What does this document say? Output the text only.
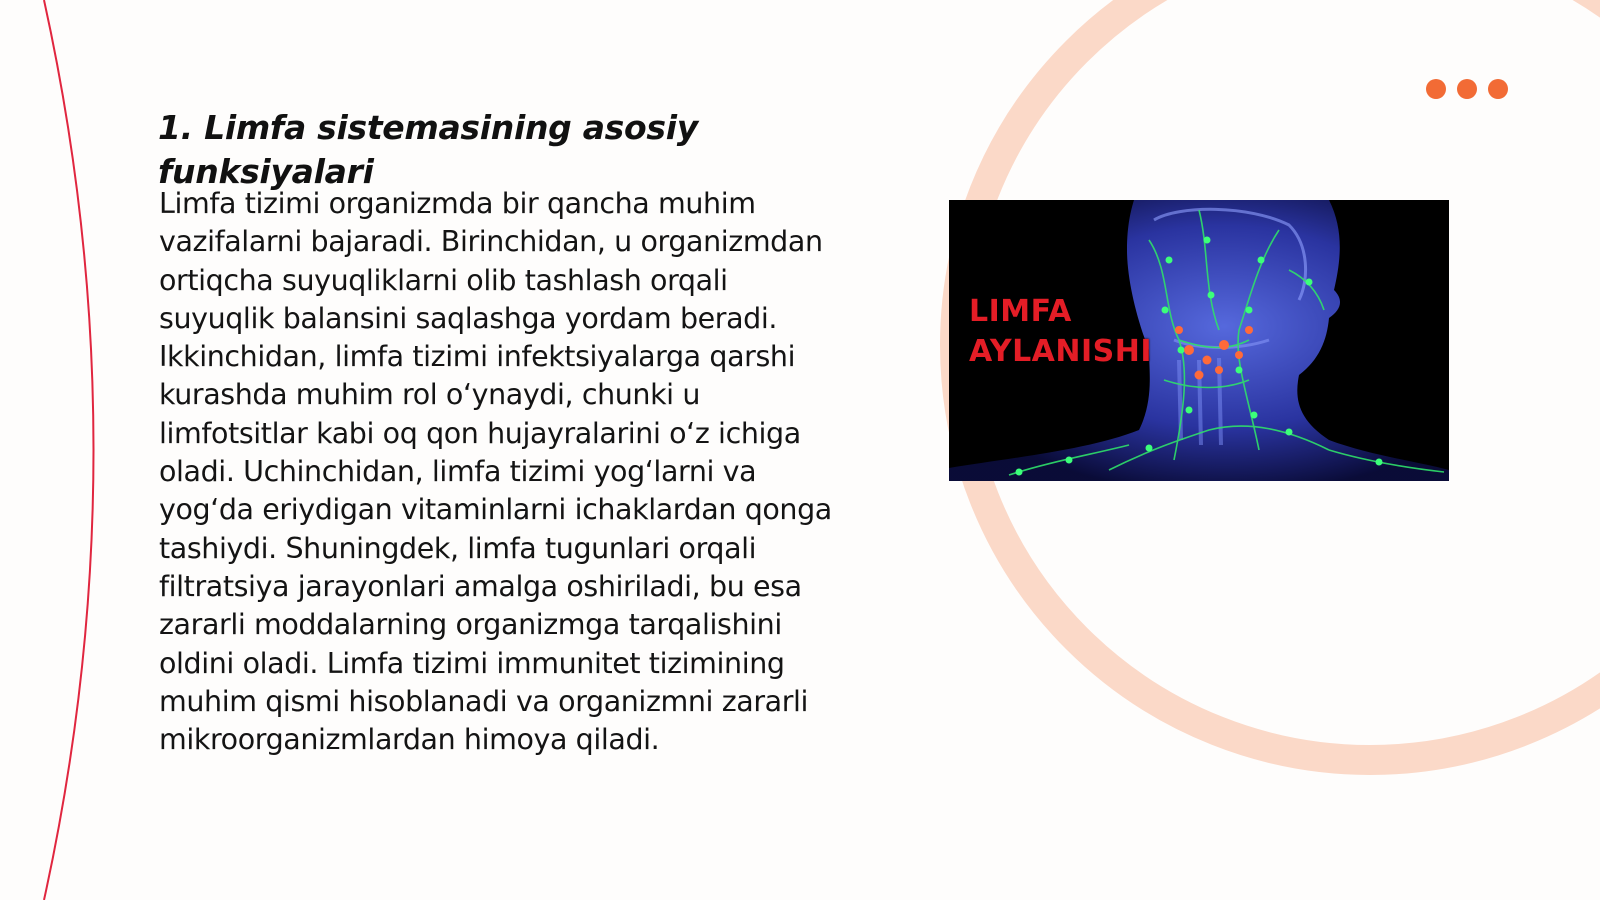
1. Limfa sistemasining asosiy funksiyalari

Limfa tizimi organizmda bir qancha muhim vazifalarni bajaradi. Birinchidan, u organizmdan ortiqcha suyuqliklarni olib tashlash orqali suyuqlik balansini saqlashga yordam beradi. Ikkinchidan, limfa tizimi infektsiyalarga qarshi kurashda muhim rol o‘ynaydi, chunki u limfotsitlar kabi oq qon hujayralarini o‘z ichiga oladi. Uchinchidan, limfa tizimi yog‘larni va yog‘da eriydigan vitaminlarni ichaklardan qonga tashiydi. Shuningdek, limfa tugunlari orqali filtratsiya jarayonlari amalga oshiriladi, bu esa zararli moddalarning organizmga tarqalishini oldini oladi. Limfa tizimi immunitet tizimining muhim qismi hisoblanadi va organizmni zararli mikroorganizmlardan himoya qiladi.

LIMFA
AYLANISHI
